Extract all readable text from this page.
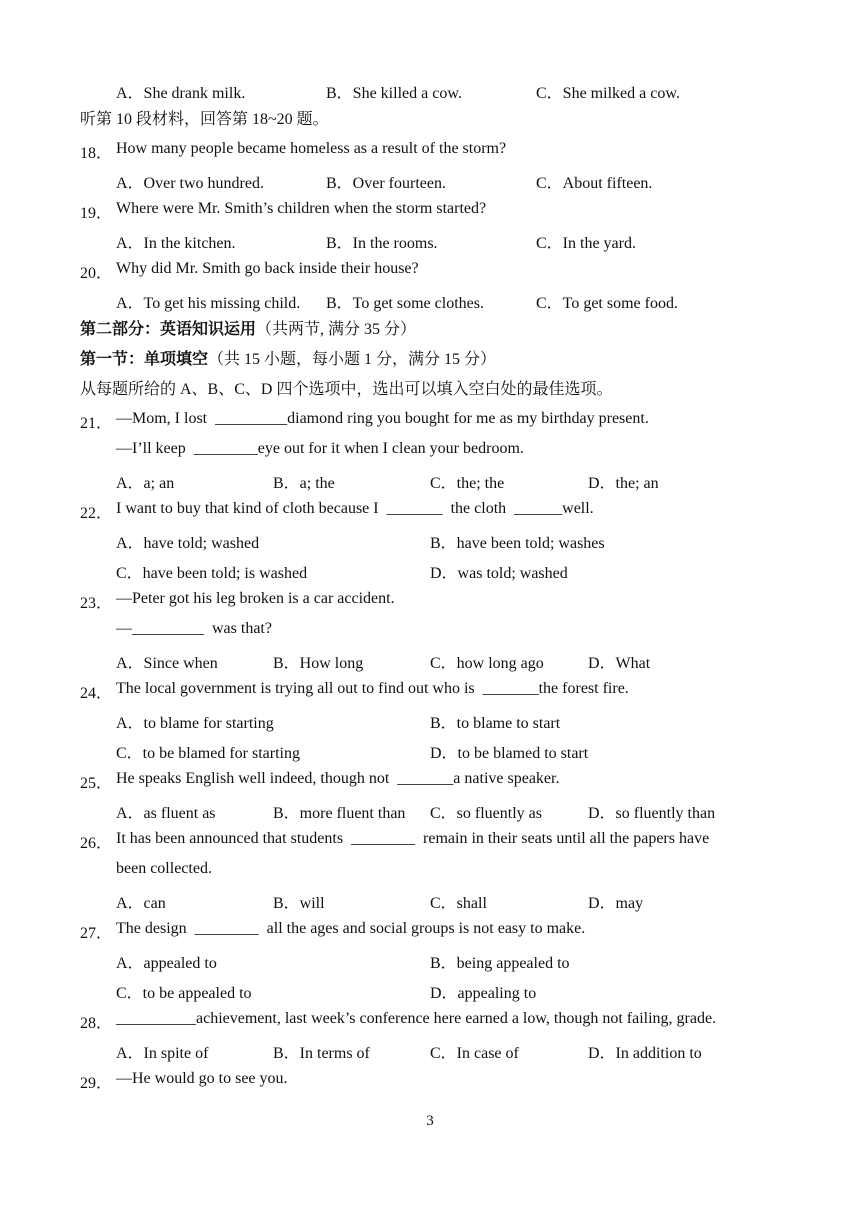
A．She drank milk.	B．She killed a cow.	C．She milked a cow.
听第 10 段材料，回答第 18~20 题。
18． How many people became homeless as a result of the storm?
A．Over two hundred.	B．Over fourteen.	C．About fifteen.
19． Where were Mr. Smith’s children when the storm started?
A．In the kitchen.	B．In the rooms.	C．In the yard.
20． Why did Mr. Smith go back inside their house?
A．To get his missing child. B．To get some clothes.	C．To get some food.
第二部分：英语知识运用（共两节, 满分 35 分）
第一节：单项填空（共 15 小题，每小题 1 分，满分 15 分）
从每题所给的 A、B、C、D 四个选项中，选出可以填入空白处的最佳选项。
21． —Mom, I lost  _________diamond ring you bought for me as my birthday present.
—I’ll keep  ________eye out for it when I clean your bedroom.
A．a; an	B．a; the	C．the; the	D．the; an
22． I want to buy that kind of cloth because I  _______  the cloth  ______well.
A．have told; washed	B．have been told; washes
C．have been told; is washed	D．was told; washed
23． —Peter got his leg broken is a car accident.
—_________  was that?
A．Since when	B．How long	C．how long ago	D．What
24． The local government is trying all out to find out who is  _______the forest fire.
A．to blame for starting	B．to blame to start
C．to be blamed for starting	D．to be blamed to start
25． He speaks English well indeed, though not  _______a native speaker.
A．as fluent as	B．more fluent than C．so fluently as	D．so fluently than
26． It has been announced that students  ________  remain in their seats until all the papers have
been collected.
A．can	B．will	C．shall	D．may
27． The design  ________  all the ages and social groups is not easy to make.
A．appealed to	B．being appealed to
C．to be appealed to	D．appealing to
28． __________achievement, last week’s conference here earned a low, though not failing, grade.
A．In spite of	B．In terms of	C．In case of	D．In addition to
29． —He would go to see you.
3
